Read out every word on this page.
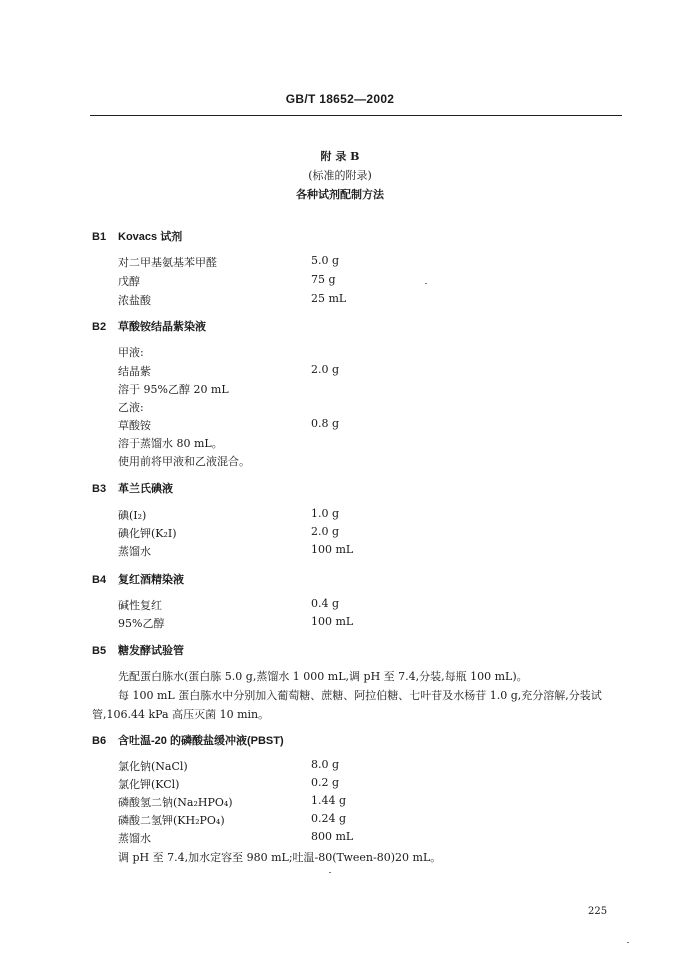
GB/T 18652—2002
附 录 B
(标准的附录)
各种试剂配制方法
B1 Kovacs 试剂
对二甲基氨基苯甲醛	5.0 g
戊醇	75 g
浓盐酸	25 mL
B2 草酸铵结晶紫染液
甲液:
结晶紫	2.0 g
溶于 95%乙醇 20 mL
乙液:
草酸铵	0.8 g
溶于蒸馏水 80 mL。
使用前将甲液和乙液混合。
B3 革兰氏碘液
碘(I₂)	1.0 g
碘化钾(K₂I)	2.0 g
蒸馏水	100 mL
B4 复红酒精染液
碱性复红	0.4 g
95%乙醇	100 mL
B5 糖发酵试验管
先配蛋白胨水(蛋白胨 5.0 g,蒸馏水 1 000 mL,调 pH 至 7.4,分装,每瓶 100 mL)。
每 100 mL 蛋白胨水中分别加入葡萄糖、蔗糖、阿拉伯糖、七叶苷及水杨苷 1.0 g,充分溶解,分装试
管,106.44 kPa 高压灭菌 10 min。
B6 含吐温-20 的磷酸盐缓冲液(PBST)
氯化钠(NaCl)	8.0 g
氯化钾(KCl)	0.2 g
磷酸氢二钠(Na₂HPO₄)	1.44 g
磷酸二氢钾(KH₂PO₄)	0.24 g
蒸馏水	800 mL
调 pH 至 7.4,加水定容至 980 mL;吐温-80(Tween-80)20 mL。
225
